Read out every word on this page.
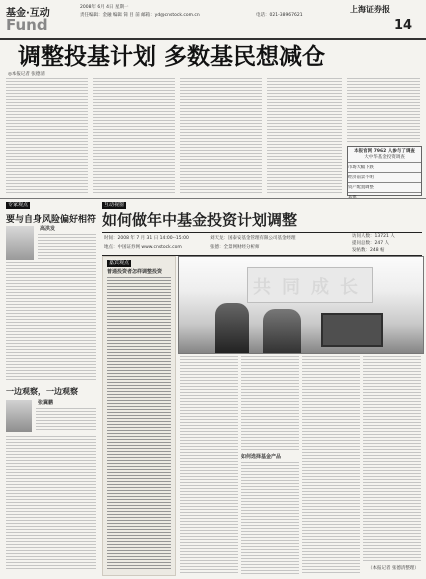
基金·互动
Fund
2008年 6月 4日 星期一
责任编辑：金融 编辑 简 目 前 邮箱：yd@cnstock.com.cn	电话：021-38967621
上海证券报
14
调整投基计划 多数基民想减仓
◎本报记者 张德清
本报官网 7962 人参与了调查
大中华基金投资调查
市场大幅下跌
经济前景不明
资产配置调整
专家观点
要与自身风险偏好相符
高洪发
一边观察，一边观察
张冀鹏
互动视窗
如何做年中基金投资计划调整
时间：2008 年 7 月 31 日 14:00--15:00
地点：中国证券网 www.cnstock.com
刘天龙：国泰安基金管理有限公司基金经理
张德：全景网财经分析师
访问人数：13721 人
提问总数：247 人
发帖数：248 帖
嘉宾观点
普通投资者怎样调整投资
共 同 成 长
如何选择基金产品
（本报记者 张德清整理）
